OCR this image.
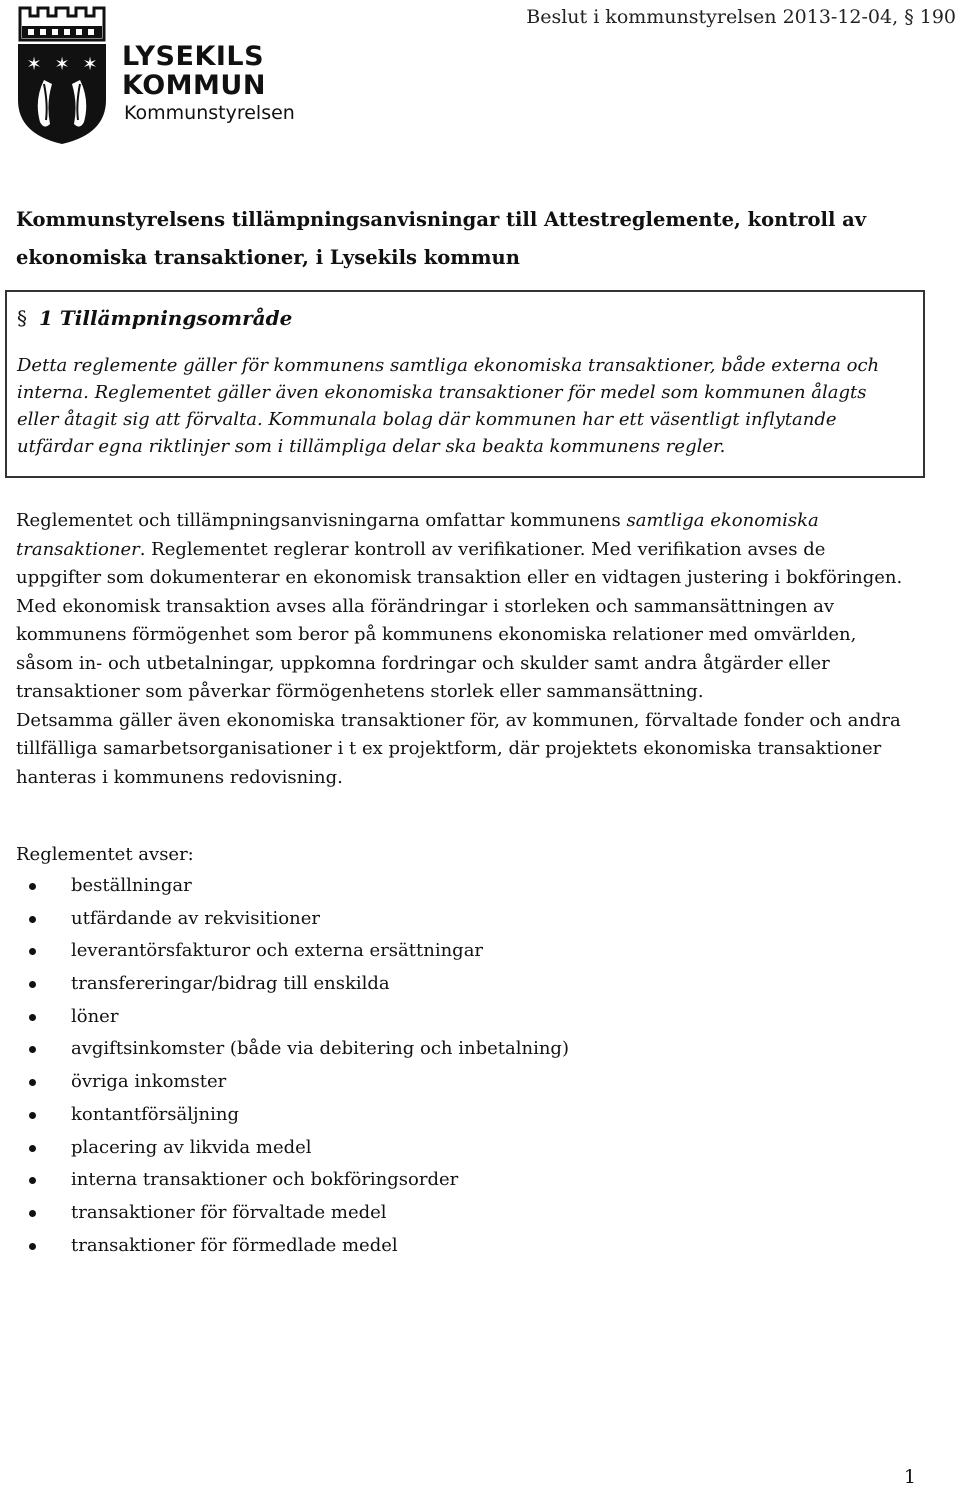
Beslut i kommunstyrelsen 2013-12-04, § 190
✶ ✶ ✶ LYSEKILS
KOMMUN
Kommunstyrelsen
Kommunstyrelsens tillämpningsanvisningar till Attestreglemente, kontroll av ekonomiska transaktioner, i Lysekils kommun
§ 1 Tillämpningsområde
Detta reglemente gäller för kommunens samtliga ekonomiska transaktioner, både externa och interna. Reglementet gäller även ekonomiska transaktioner för medel som kommunen ålagts eller åtagit sig att förvalta. Kommunala bolag där kommunen har ett väsentligt inflytande utfärdar egna riktlinjer som i tillämpliga delar ska beakta kommunens regler.

Reglementet och tillämpningsanvisningarna omfattar kommunens samtliga ekonomiska transaktioner. Reglementet reglerar kontroll av verifikationer. Med verifikation avses de uppgifter som dokumenterar en ekonomisk transaktion eller en vidtagen justering i bokföringen. Med ekonomisk transaktion avses alla förändringar i storleken och sammansättningen av kommunens förmögenhet som beror på kommunens ekonomiska relationer med omvärlden, såsom in- och utbetalningar, uppkomna fordringar och skulder samt andra åtgärder eller transaktioner som påverkar förmögenhetens storlek eller sammansättning.

Detsamma gäller även ekonomiska transaktioner för, av kommunen, förvaltade fonder och andra tillfälliga samarbetsorganisationer i t ex projektform, där projektets ekonomiska transaktioner hanteras i kommunens redovisning.

Reglementet avser:
beställningar
utfärdande av rekvisitioner
leverantörsfakturor och externa ersättningar
transfereringar/bidrag till enskilda
löner
avgiftsinkomster (både via debitering och inbetalning)
övriga inkomster
kontantförsäljning
placering av likvida medel
interna transaktioner och bokföringsorder
transaktioner för förvaltade medel
transaktioner för förmedlade medel
1
